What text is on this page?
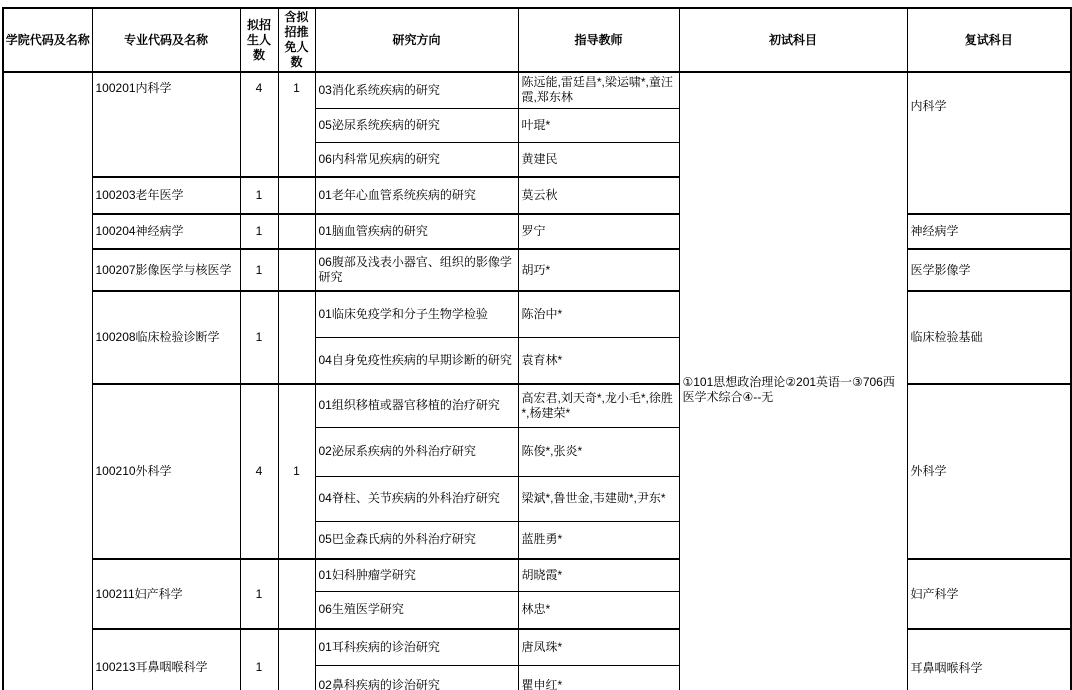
学院代码及名称	专业代码及名称	拟招生人数	含拟招推免人数	研究方向	指导教师	初试科目	复试科目
	100201内科学	4	1	03消化系统疾病的研究	陈远能,雷廷昌*,梁运啸*,童汪霞,郑东林	①101思想政治理论②201英语一③706西医学术综合④--无	内科学
				05泌尿系统疾病的研究	叶琨*		
				06内科常见疾病的研究	黄建民		
	100203老年医学	1		01老年心血管系统疾病的研究	莫云秋		
	100204神经病学	1		01脑血管疾病的研究	罗宁		神经病学
	100207影像医学与核医学	1		06腹部及浅表小器官、组织的影像学研究	胡巧*		医学影像学
	100208临床检验诊断学	1		01临床免疫学和分子生物学检验	陈治中*		临床检验基础
				04自身免疫性疾病的早期诊断的研究	袁育林*		
	100210外科学	4	1	01组织移植或器官移植的治疗研究	高宏君,刘天奇*,龙小毛*,徐胜*,杨建荣*		外科学
				02泌尿系疾病的外科治疗研究	陈俊*,张炎*		
				04脊柱、关节疾病的外科治疗研究	梁斌*,鲁世金,韦建勋*,尹东*		
				05巴金森氏病的外科治疗研究	蓝胜勇*		
	100211妇产科学	1		01妇科肿瘤学研究	胡晓霞*		妇产科学
				06生殖医学研究	林忠*		
	100213耳鼻咽喉科学	1		01耳科疾病的诊治研究	唐凤珠*		耳鼻咽喉科学
				02鼻科疾病的诊治研究	瞿申红*		
